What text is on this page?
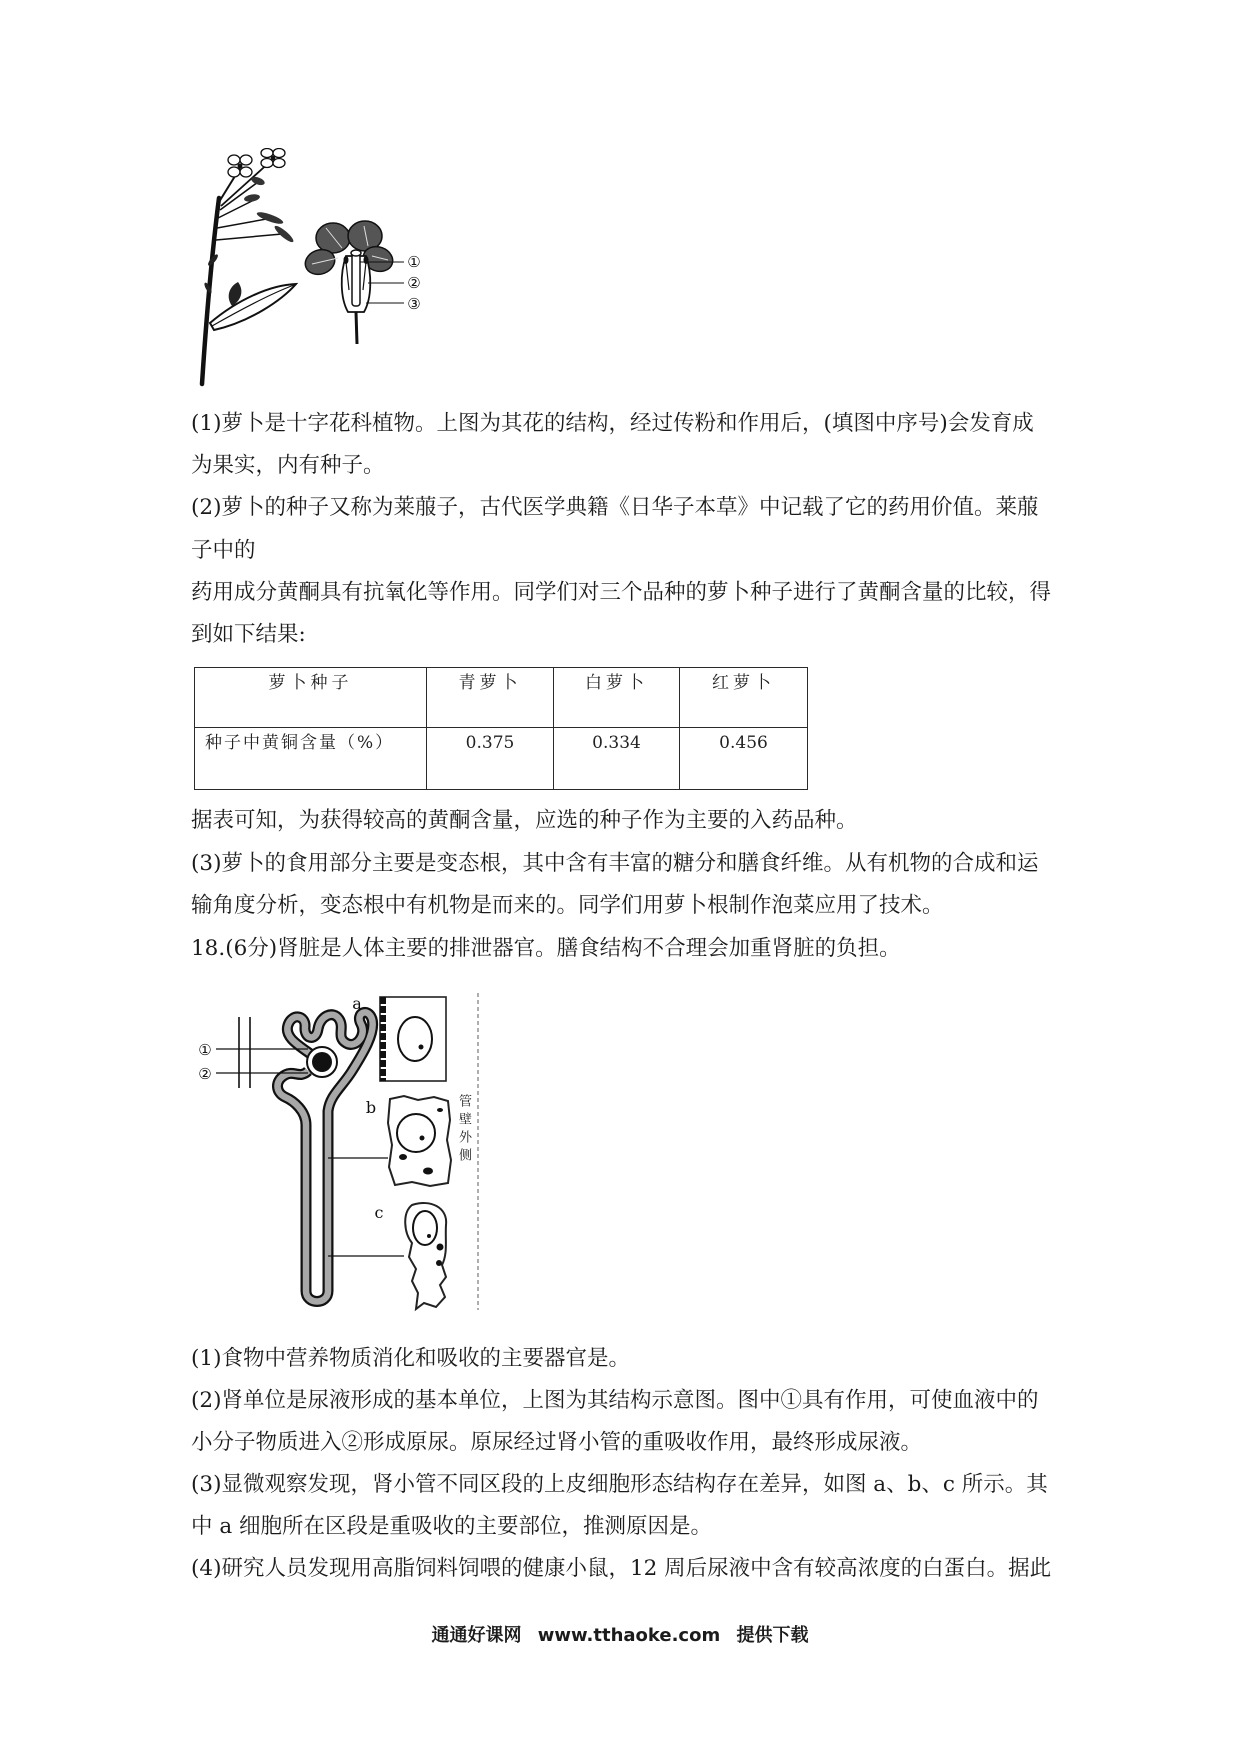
①
②
③
(1)萝卜是十字花科植物。上图为其花的结构，经过传粉和作用后，(填图中序号)会发育成
为果实，内有种子。
(2)萝卜的种子又称为莱菔子，古代医学典籍《日华子本草》中记载了它的药用价值。莱菔
子中的
药用成分黄酮具有抗氧化等作用。同学们对三个品种的萝卜种子进行了黄酮含量的比较，得
到如下结果:
萝卜种子	青萝卜	白萝卜	红萝卜
种子中黄铜含量（%）	0.375	0.334	0.456
据表可知，为获得较高的黄酮含量，应选的种子作为主要的入药品种。
(3)萝卜的食用部分主要是变态根，其中含有丰富的糖分和膳食纤维。从有机物的合成和运
输角度分析，变态根中有机物是而来的。同学们用萝卜根制作泡菜应用了技术。
18.(6分)肾脏是人体主要的排泄器官。膳食结构不合理会加重肾脏的负担。
①
②
a
b
c
管壁外侧
(1)食物中营养物质消化和吸收的主要器官是。
(2)肾单位是尿液形成的基本单位，上图为其结构示意图。图中①具有作用，可使血液中的
小分子物质进入②形成原尿。原尿经过肾小管的重吸收作用，最终形成尿液。
(3)显微观察发现，肾小管不同区段的上皮细胞形态结构存在差异，如图 a、b、c 所示。其
中 a 细胞所在区段是重吸收的主要部位，推测原因是。
(4)研究人员发现用高脂饲料饲喂的健康小鼠，12 周后尿液中含有较高浓度的白蛋白。据此
通通好课网 www.tthaoke.com 提供下载
